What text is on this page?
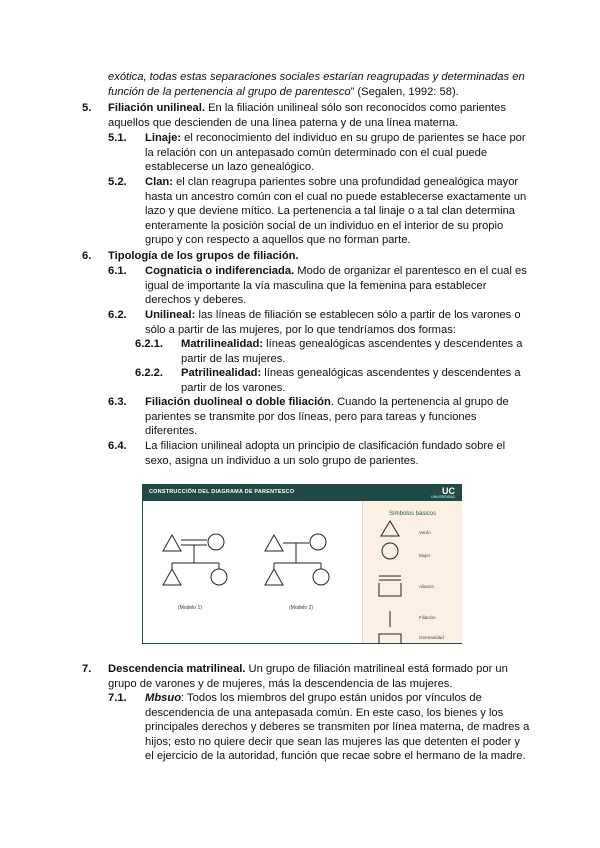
exótica, todas estas separaciones sociales estarían reagrupadas y determinadas en
función de la pertenencia al grupo de parentesco” (Segalen, 1992: 58).
5. Filiación unilineal. En la filiación unilineal sólo son reconocidos como parientes
aquellos que descienden de una línea paterna y de una línea materna.
5.1. Linaje: el reconocimiento del individuo en su grupo de parientes se hace por
la relación con un antepasado común determinado con el cual puede
establecerse un lazo genealógico.
5.2. Clan: el clan reagrupa parientes sobre una profundidad genealógica mayor
hasta un ancestro común con el cual no puede establecerse exactamente un
lazo y que deviene mítico. La pertenencia a tal linaje o a tal clan determina
enteramente la posición social de un individuo en el interior de su propio
grupo y con respecto a aquellos que no forman parte.
6. Tipología de los grupos de filiación.
6.1. Cognaticia o indiferenciada. Modo de organizar el parentesco en el cual es
igual de importante la vía masculina que la femenina para establecer
derechos y deberes.
6.2. Unilineal: las líneas de filiación se establecen sólo a partir de los varones o
sólo a partir de las mujeres, por lo que tendríamos dos formas:
6.2.1. Matrilinealidad: líneas genealógicas ascendentes y descendentes a
partir de las mujeres.
6.2.2. Patrilinealidad: líneas genealógicas ascendentes y descendentes a
partir de los varones.
6.3. Filiación duolineal o doble filiación. Cuando la pertenencia al grupo de
parientes se transmite por dos líneas, pero para tareas y funciones
diferentes.
6.4. La filiacion unilineal adopta un principio de clasificación fundado sobre el
sexo, asigna un individuo a un solo grupo de parientes.
CONSTRUCCIÓN DEL DIAGRAMA DE PARENTESCO	UC
UNIVERSIDAD
(Modelo 1)	(Modelo 2)
Símbolos básicos
Varón
Mujer
Alianza
Filiación
Germanidad
7. Descendencia matrilineal. Un grupo de filiación matrilineal está formado por un
grupo de varones y de mujeres, más la descendencia de las mujeres.
7.1. Mbsuo: Todos los miembros del grupo están unidos por vínculos de
descendencia de una antepasada común. En este caso, los bienes y los
principales derechos y deberes se transmiten por línea materna, de madres a
hijos; esto no quiere decir que sean las mujeres las que detenten el poder y
el ejercicio de la autoridad, función que recae sobre el hermano de la madre.
